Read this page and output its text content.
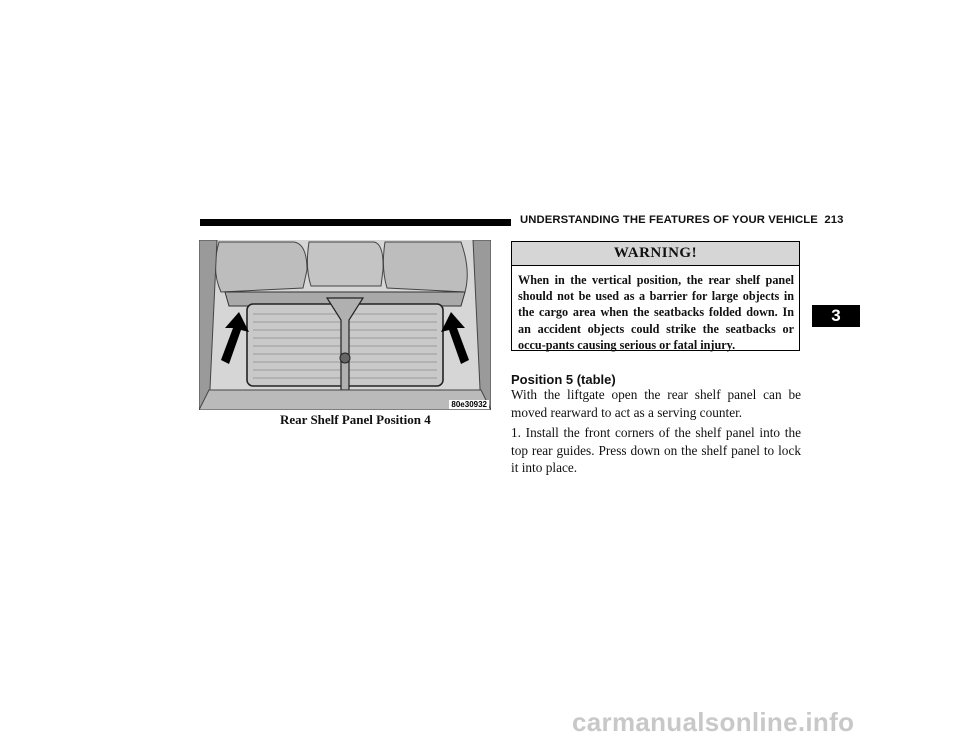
UNDERSTANDING THE FEATURES OF YOUR VEHICLE 213
3
80e30932
Rear Shelf Panel Position 4
WARNING!
When in the vertical position, the rear shelf panel should not be used as a barrier for large objects in the cargo area when the seatbacks folded down. In an accident objects could strike the seatbacks or occu-pants causing serious or fatal injury.
Position 5 (table)
With the liftgate open the rear shelf panel can be moved rearward to act as a serving counter.
1. Install the front corners of the shelf panel into the top rear guides. Press down on the shelf panel to lock it into place.
carmanualsonline.info
